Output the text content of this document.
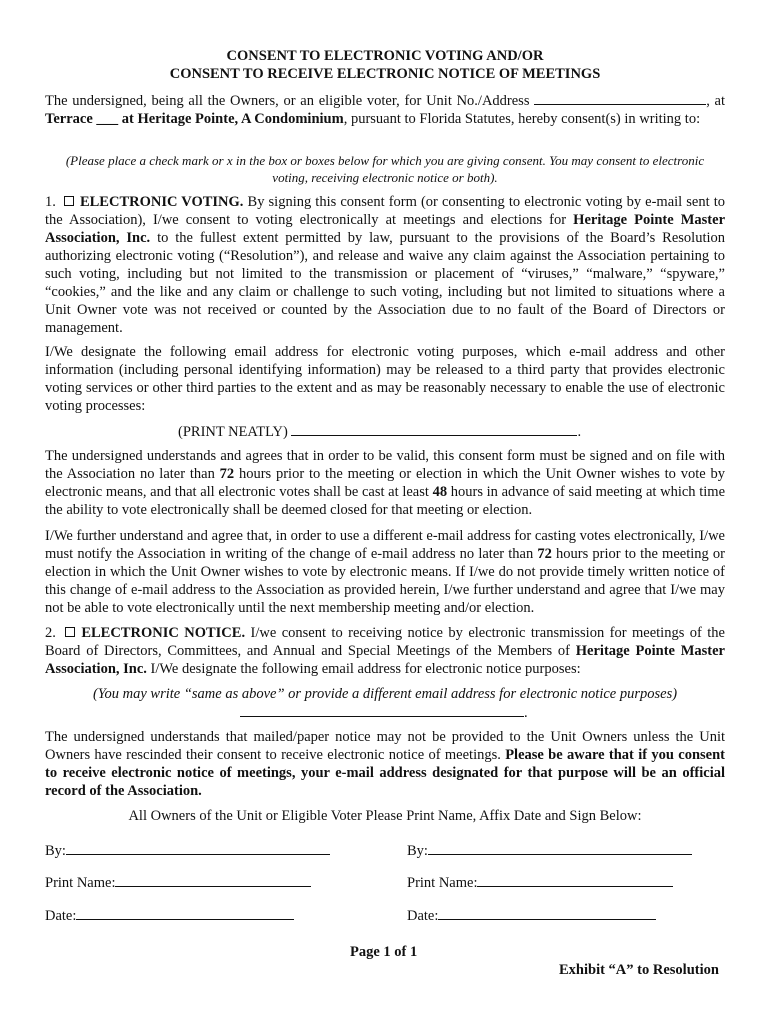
CONSENT TO ELECTRONIC VOTING AND/OR
CONSENT TO RECEIVE ELECTRONIC NOTICE OF MEETINGS

The undersigned, being all the Owners, or an eligible voter, for Unit No./Address	, at Terrace ___ at Heritage Pointe, A Condominium, pursuant to Florida Statutes, hereby consent(s) in writing to:

(Please place a check mark or x in the box or boxes below for which you are giving consent. You may consent to electronic voting, receiving electronic notice or both).

1. ELECTRONIC VOTING. By signing this consent form (or consenting to electronic voting by e-mail sent to the Association), I/we consent to voting electronically at meetings and elections for Heritage Pointe Master Association, Inc. to the fullest extent permitted by law, pursuant to the provisions of the Board’s Resolution authorizing electronic voting (“Resolution”), and release and waive any claim against the Association pertaining to such voting, including but not limited to the transmission or placement of “viruses,” “malware,” “spyware,” “cookies,” and the like and any claim or challenge to such voting, including but not limited to situations where a Unit Owner vote was not received or counted by the Association due to no fault of the Board of Directors or management.

I/We designate the following email address for electronic voting purposes, which e-mail address and other information (including personal identifying information) may be released to a third party that provides electronic voting services or other third parties to the extent and as may be reasonably necessary to enable the use of electronic voting processes:

(PRINT NEATLY)	.

The undersigned understands and agrees that in order to be valid, this consent form must be signed and on file with the Association no later than 72 hours prior to the meeting or election in which the Unit Owner wishes to vote by electronic means, and that all electronic votes shall be cast at least 48 hours in advance of said meeting at which time the ability to vote electronically shall be deemed closed for that meeting or election.

I/We further understand and agree that, in order to use a different e-mail address for casting votes electronically, I/we must notify the Association in writing of the change of e-mail address no later than 72 hours prior to the meeting or election in which the Unit Owner wishes to vote by electronic means. If I/we do not provide timely written notice of this change of e-mail address to the Association as provided herein, I/we further understand and agree that I/we may not be able to vote electronically until the next membership meeting and/or election.

2. ELECTRONIC NOTICE. I/we consent to receiving notice by electronic transmission for meetings of the Board of Directors, Committees, and Annual and Special Meetings of the Members of Heritage Pointe Master Association, Inc. I/We designate the following email address for electronic notice purposes:

(You may write “same as above” or provide a different email address for electronic notice purposes)

.

The undersigned understands that mailed/paper notice may not be provided to the Unit Owners unless the Unit Owners have rescinded their consent to receive electronic notice of meetings. Please be aware that if you consent to receive electronic notice of meetings, your e-mail address designated for that purpose will be an official record of the Association.

All Owners of the Unit or Eligible Voter Please Print Name, Affix Date and Sign Below:

By:	By:
Print Name:	Print Name:
Date:	Date:
Page 1 of 1
Exhibit “A” to Resolution
